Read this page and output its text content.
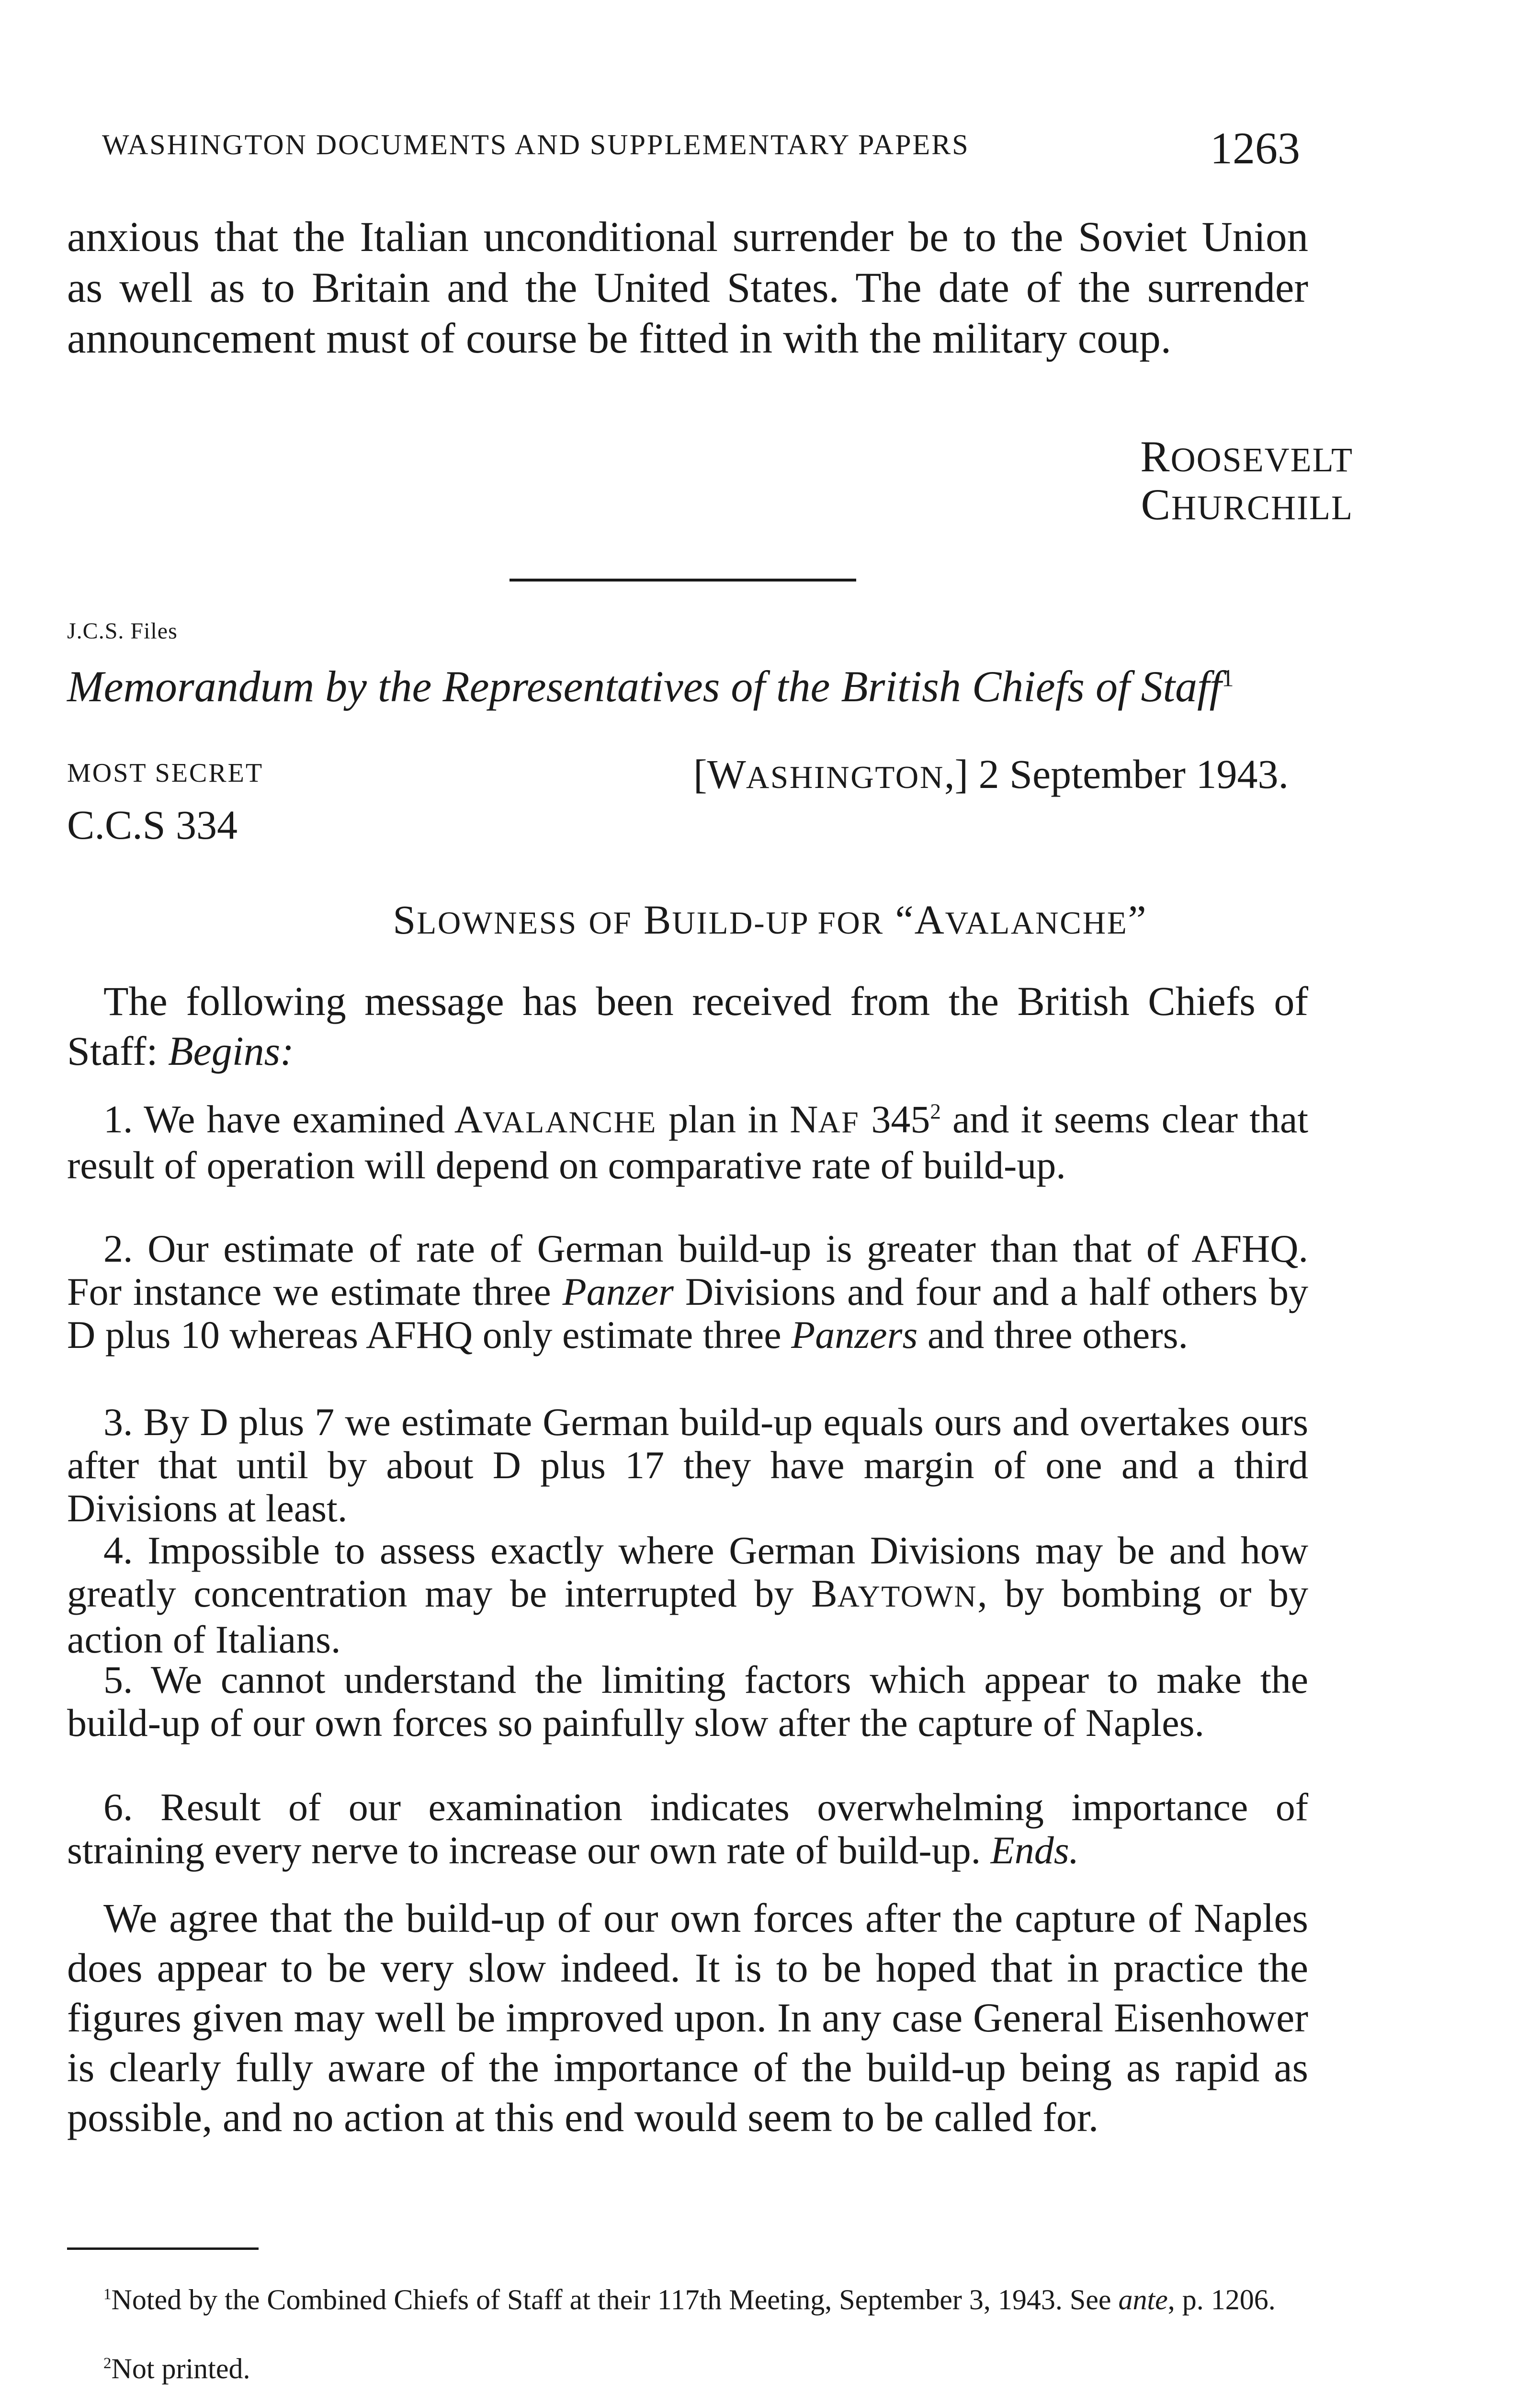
WASHINGTON DOCUMENTS AND SUPPLEMENTARY PAPERS	1263
anxious that the Italian unconditional surrender be to the Soviet Union as well as to Britain and the United States. The date of the surrender announcement must of course be fitted in with the military coup.
ROOSEVELT
CHURCHILL
J.C.S. Files
Memorandum by the Representatives of the British Chiefs of Staff$^1$
MOST SECRET
C.C.S 334
[WASHINGTON,] 2 September 1943.
SLOWNESS OF BUILD-UP FOR “AVALANCHE”
The following message has been received from the British Chiefs of Staff: Begins:
1. We have examined AVALANCHE plan in NAF $345^2$ and it seems clear that result of operation will depend on comparative rate of build-up.
2. Our estimate of rate of German build-up is greater than that of AFHQ. For instance we estimate three Panzer Divisions and four and a half others by D plus 10 whereas AFHQ only estimate three Panzers and three others.
3. By D plus 7 we estimate German build-up equals ours and overtakes ours after that until by about D plus 17 they have margin of one and a third Divisions at least.
4. Impossible to assess exactly where German Divisions may be and how greatly concentration may be interrupted by BAYTOWN, by bombing or by action of Italians.
5. We cannot understand the limiting factors which appear to make the build-up of our own forces so painfully slow after the capture of Naples.
6. Result of our examination indicates overwhelming importance of straining every nerve to increase our own rate of build-up. Ends.
We agree that the build-up of our own forces after the capture of Naples does appear to be very slow indeed. It is to be hoped that in practice the figures given may well be improved upon. In any case General Eisenhower is clearly fully aware of the importance of the build-up being as rapid as possible, and no action at this end would seem to be called for.
$^1$Noted by the Combined Chiefs of Staff at their 117th Meeting, September 3, 1943. See ante, p. 1206.
$^2$Not printed.
